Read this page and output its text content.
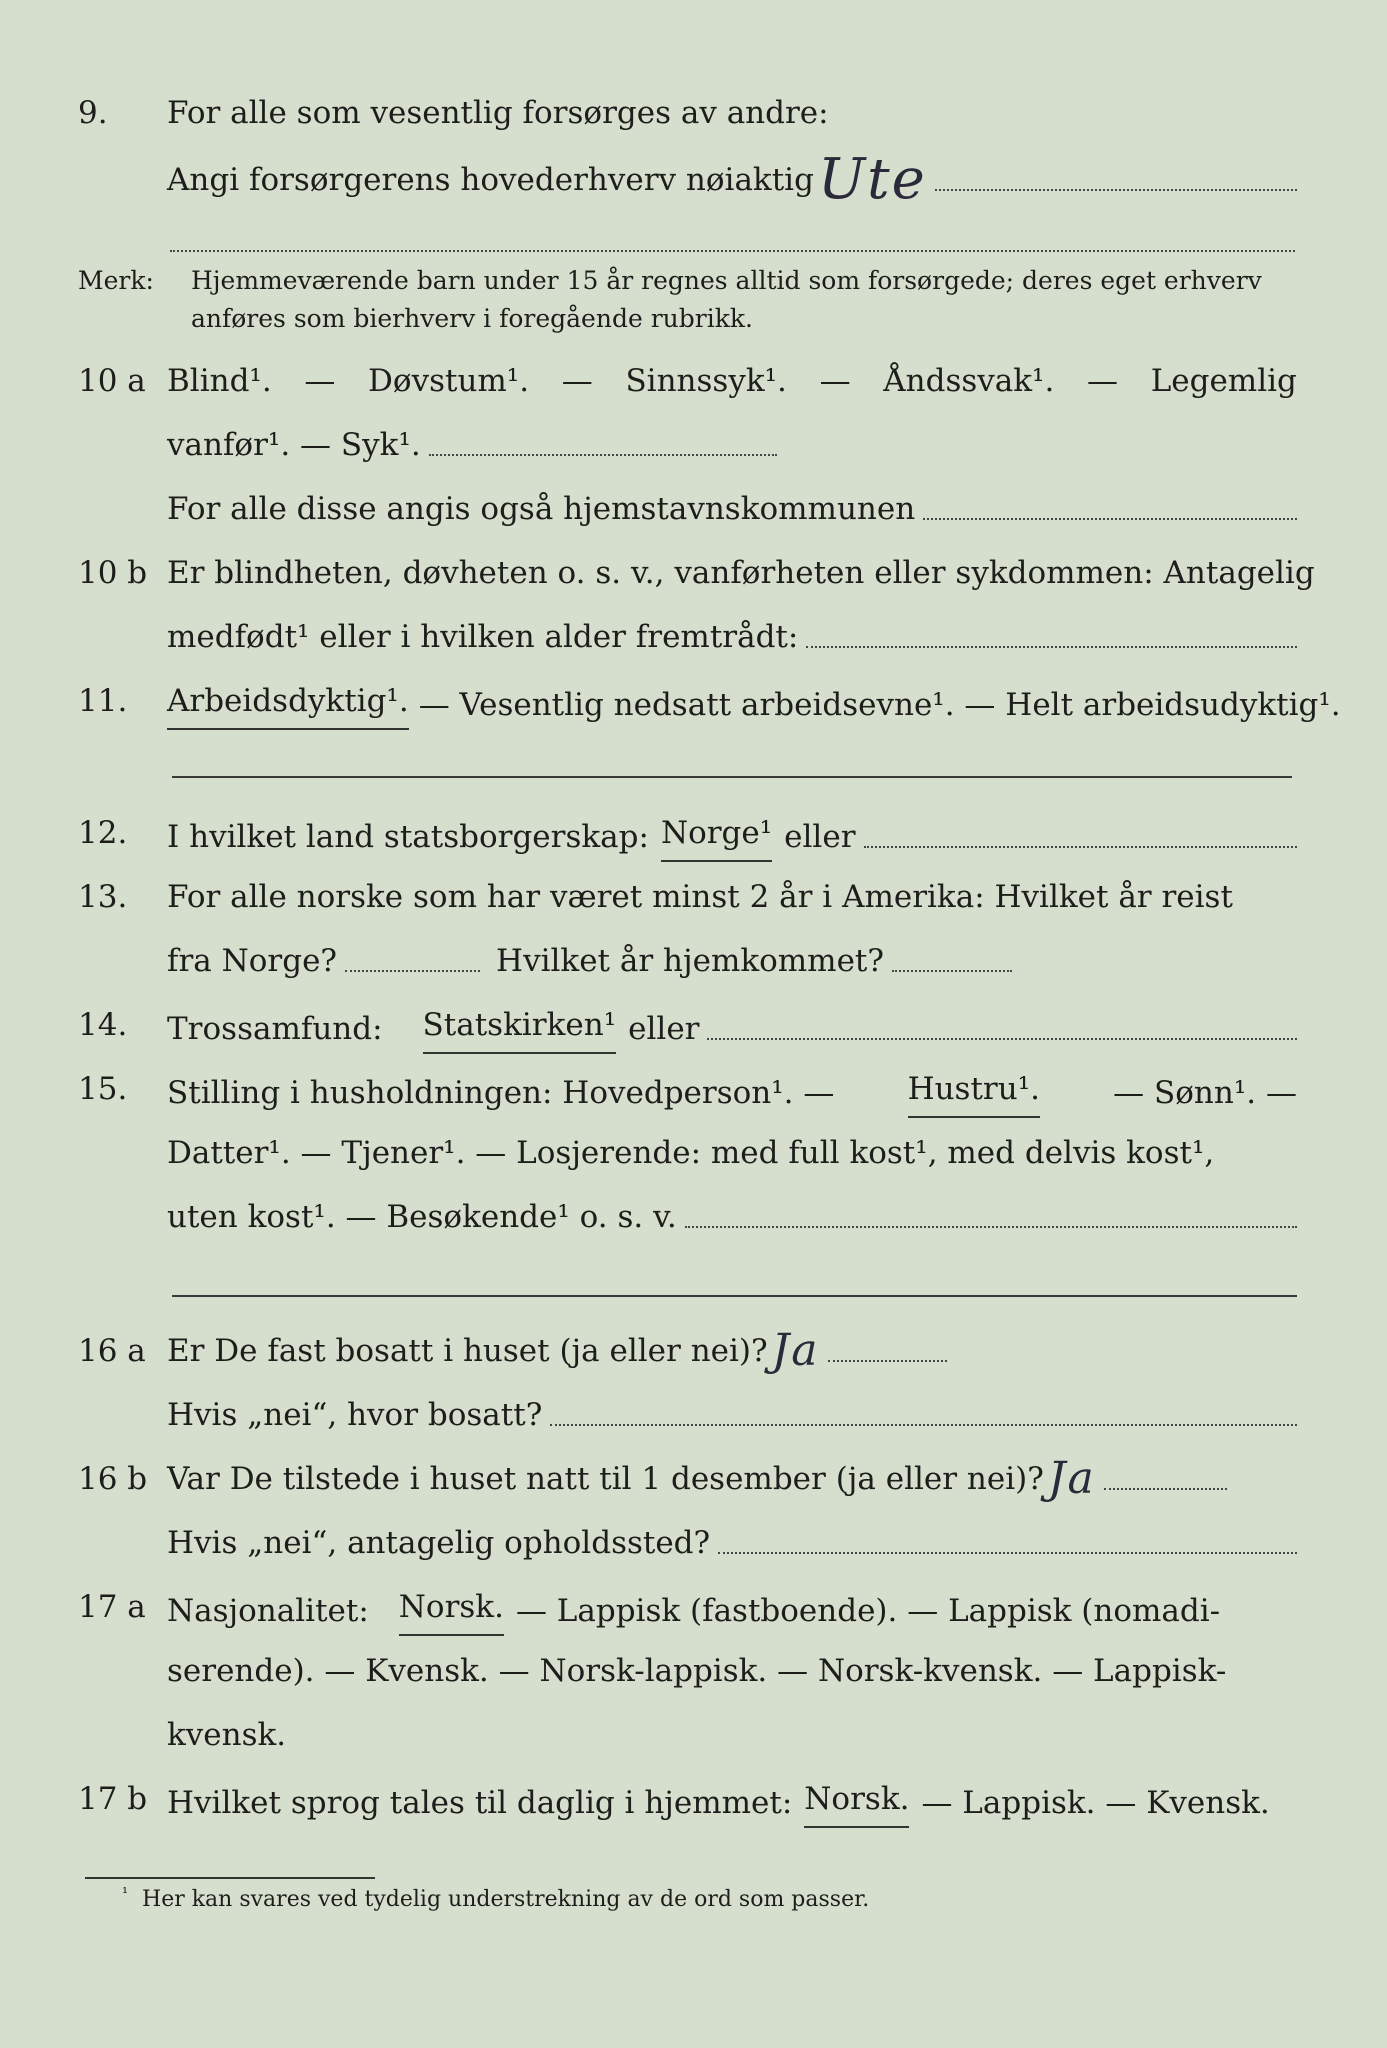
9. For alle som vesentlig forsørges av andre:
Angi forsørgerens hovederhverv nøiaktig Ute
Merk: Hjemmeværende barn under 15 år regnes alltid som forsørgede; deres eget erhverv anføres som bierhverv i foregående rubrikk.
10 a Blind¹. — Døvstum¹. — Sinnssyk¹. — Åndssvak¹. — Legemlig
vanfør¹. — Syk¹.
For alle disse angis også hjemstavnskommunen
10 b Er blindheten, døvheten o. s. v., vanførheten eller sykdommen: Antagelig
medfødt¹ eller i hvilken alder fremtrådt:
11. Arbeidsdyktig¹. — Vesentlig nedsatt arbeidsevne¹. — Helt arbeidsudyktig¹.
12. I hvilket land statsborgerskap: Norge¹ eller
13. For alle norske som har været minst 2 år i Amerika: Hvilket år reist
fra Norge?	Hvilket år hjemkommet?
14. Trossamfund: Statskirken¹ eller
15. Stilling i husholdningen: Hovedperson¹. — Hustru¹. — Sønn¹. —
Datter¹. — Tjener¹. — Losjerende: med full kost¹, med delvis kost¹,
uten kost¹. — Besøkende¹ o. s. v.
16 a Er De fast bosatt i huset (ja eller nei)? Ja
Hvis „nei“, hvor bosatt?
16 b Var De tilstede i huset natt til 1 desember (ja eller nei)? Ja
Hvis „nei“, antagelig opholdssted?
17 a Nasjonalitet: Norsk. — Lappisk (fastboende). — Lappisk (nomadi-
serende). — Kvensk. — Norsk-lappisk. — Norsk-kvensk. — Lappisk-
kvensk.
17 b Hvilket sprog tales til daglig i hjemmet: Norsk. — Lappisk. — Kvensk.
$^{^1}$ Her kan svares ved tydelig understrekning av de ord som passer.
